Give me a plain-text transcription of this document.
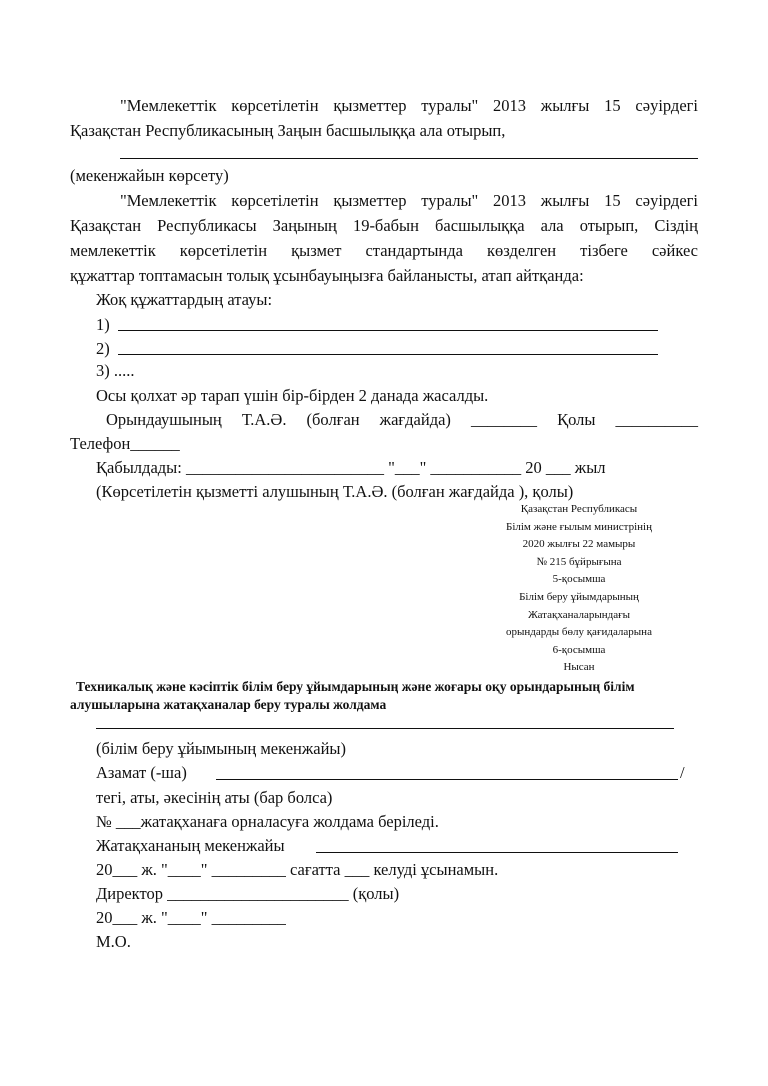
"Мемлекеттік көрсетілетін қызметтер туралы" 2013 жылғы 15 сәуірдегі
Қазақстан Республикасының Заңын басшылыққа ала отырып,
(мекенжайын көрсету)
"Мемлекеттік көрсетілетін қызметтер туралы" 2013 жылғы 15 сәуірдегі
Қазақстан Республикасы Заңының 19-бабын басшылыққа ала отырып, Сіздің
мемлекеттік көрсетілетін қызмет стандартында көзделген тізбеге сәйкес
құжаттар топтамасын толық ұсынбауыңызға байланысты, атап айтқанда:
Жоқ құжаттардың атауы:
1)
2)
3) .....
Осы қолхат әр тарап үшін бір-бірден 2 данада жасалды.
Орындаушының Т.А.Ә. (болған жағдайда) ________ Қолы __________
Телефон______
Қабылдады: ________________________ "___" ___________ 20 ___ жыл
(Көрсетілетін қызметті алушының Т.А.Ә. (болған жағдайда ), қолы)
Қазақстан Республикасы
Білім және ғылым министрінің
2020 жылғы 22 мамыры
№ 215 бұйрығына
5-қосымша
Білім беру ұйымдарының
Жатақханаларындағы
орындарды бөлу қағидаларына
6-қосымша
Нысан
Техникалық және кәсіптік білім беру ұйымдарының және жоғары оқу орындарының білім
алушыларына жатақханалар беру туралы жолдама
(білім беру ұйымының мекенжайы)
Азамат (-ша)	/
тегі, аты, әкесінің аты (бар болса)
№ ___жатақханаға орналасуға жолдама беріледі.
Жатақхананың мекенжайы
20___ ж. "____" _________ сағатта ___ келуді ұсынамын.
Директор ______________________ (қолы)
20___ ж. "____" _________
М.О.
